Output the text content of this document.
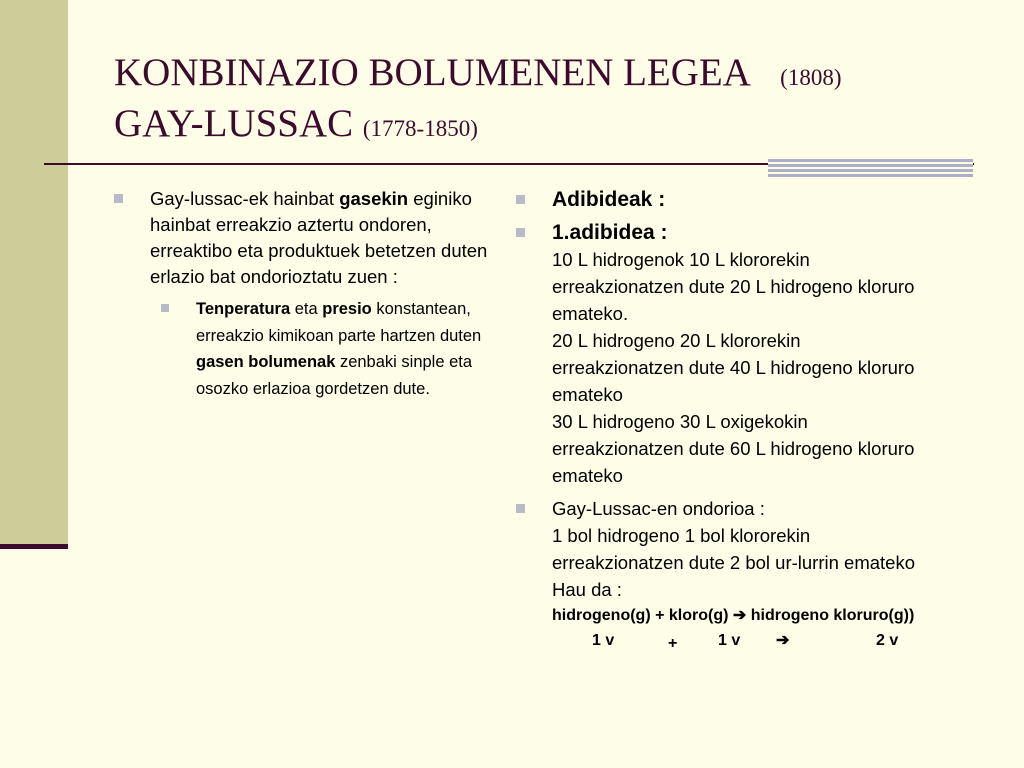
KONBINAZIO BOLUMENEN LEGEA (1808)
GAY-LUSSAC (1778-1850)
Gay-lussac-ek hainbat gasekin eginiko hainbat erreakzio aztertu ondoren, erreaktibo eta produktuek betetzen duten erlazio bat ondorioztatu zuen :
Tenperatura eta presio konstantean, erreakzio kimikoan parte hartzen duten gasen bolumenak zenbaki sinple eta osozko erlazioa gordetzen dute.
Adibideak :
1.adibidea :
10 L hidrogenok 10 L klororekin
erreakzionatzen dute 20 L hidrogeno kloruro
emateko.
20 L hidrogeno 20 L klororekin
erreakzionatzen dute 40 L hidrogeno kloruro
emateko
30 L hidrogeno 30 L oxigekokin
erreakzionatzen dute 60 L hidrogeno kloruro
emateko
Gay-Lussac-en ondorioa :
1 bol hidrogeno 1 bol klororekin
erreakzionatzen dute 2 bol ur-lurrin emateko
Hau da :
hidrogeno(g) + kloro(g) ➔ hidrogeno kloruro(g))
1 v	+	1 v ➔	2 v
